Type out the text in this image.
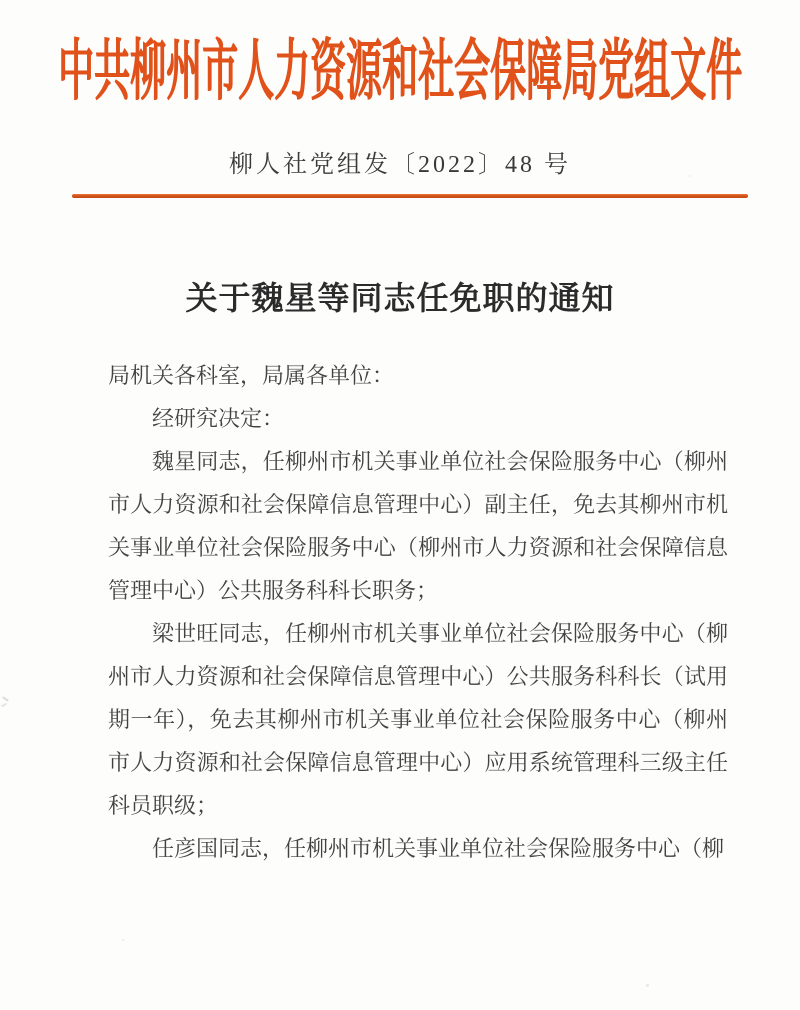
中共柳州市人力资源和社会保障局党组文件
柳人社党组发〔2022〕48 号
关于魏星等同志任免职的通知

局机关各科室，局属各单位：

经研究决定：

魏星同志，任柳州市机关事业单位社会保险服务中心（柳州市人力资源和社会保障信息管理中心）副主任，免去其柳州市机关事业单位社会保险服务中心（柳州市人力资源和社会保障信息管理中心）公共服务科科长职务；

梁世旺同志，任柳州市机关事业单位社会保险服务中心（柳州市人力资源和社会保障信息管理中心）公共服务科科长（试用期一年），免去其柳州市机关事业单位社会保险服务中心（柳州市人力资源和社会保障信息管理中心）应用系统管理科三级主任科员职级；

任彦国同志，任柳州市机关事业单位社会保险服务中心（柳
